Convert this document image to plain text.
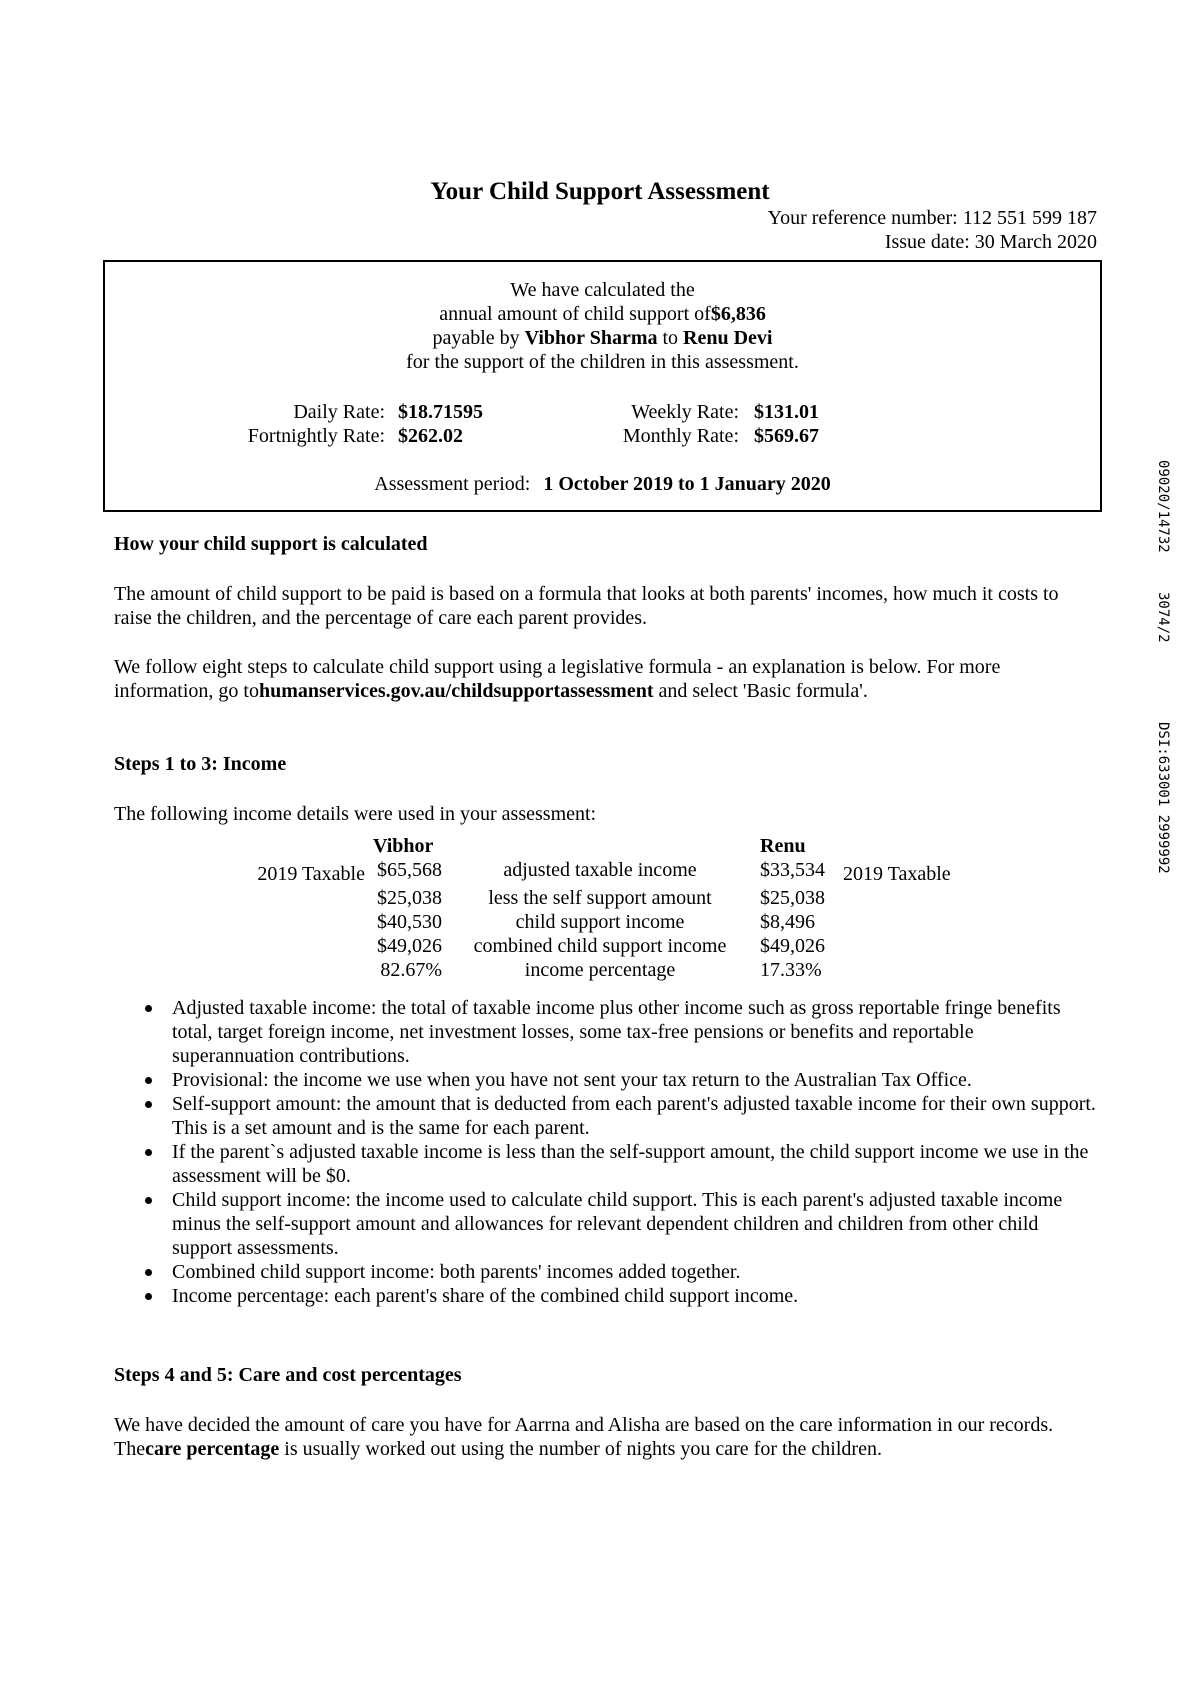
Your Child Support Assessment
Your reference number: 112 551 599 187
Issue date: 30 March 2020
We have calculated the
annual amount of child support of$6,836
payable by Vibhor Sharma to Renu Devi
for the support of the children in this assessment.
Daily Rate: $18.71595	Weekly Rate: $131.01
Fortnightly Rate: $262.02	Monthly Rate: $569.67
Assessment period: 1 October 2019 to 1 January 2020
How your child support is calculated
The amount of child support to be paid is based on a formula that looks at both parents' incomes, how much it costs to raise the children, and the percentage of care each parent provides.
We follow eight steps to calculate child support using a legislative formula - an explanation is below. For more information, go tohumanservices.gov.au/childsupportassessment and select 'Basic formula'.
Steps 1 to 3: Income
The following income details were used in your assessment:
Vibhor	Renu
2019 Taxable $65,568	adjusted taxable income	$33,534 2019 Taxable
$25,038	less the self support amount	$25,038
$40,530	child support income	$8,496
$49,026	combined child support income	$49,026
82.67%	income percentage	17.33%
Adjusted taxable income: the total of taxable income plus other income such as gross reportable fringe benefits total, target foreign income, net investment losses, some tax-free pensions or benefits and reportable superannuation contributions.
Provisional: the income we use when you have not sent your tax return to the Australian Tax Office.
Self-support amount: the amount that is deducted from each parent's adjusted taxable income for their own support. This is a set amount and is the same for each parent.
If the parent`s adjusted taxable income is less than the self-support amount, the child support income we use in the assessment will be $0.
Child support income: the income used to calculate child support. This is each parent's adjusted taxable income minus the self-support amount and allowances for relevant dependent children and children from other child support assessments.
Combined child support income: both parents' incomes added together.
Income percentage: each parent's share of the combined child support income.
Steps 4 and 5: Care and cost percentages
We have decided the amount of care you have for Aarrna and Alisha are based on the care information in our records. Thecare percentage is usually worked out using the number of nights you care for the children.
09020/14732
3074/2
DSI:633001 2999992
